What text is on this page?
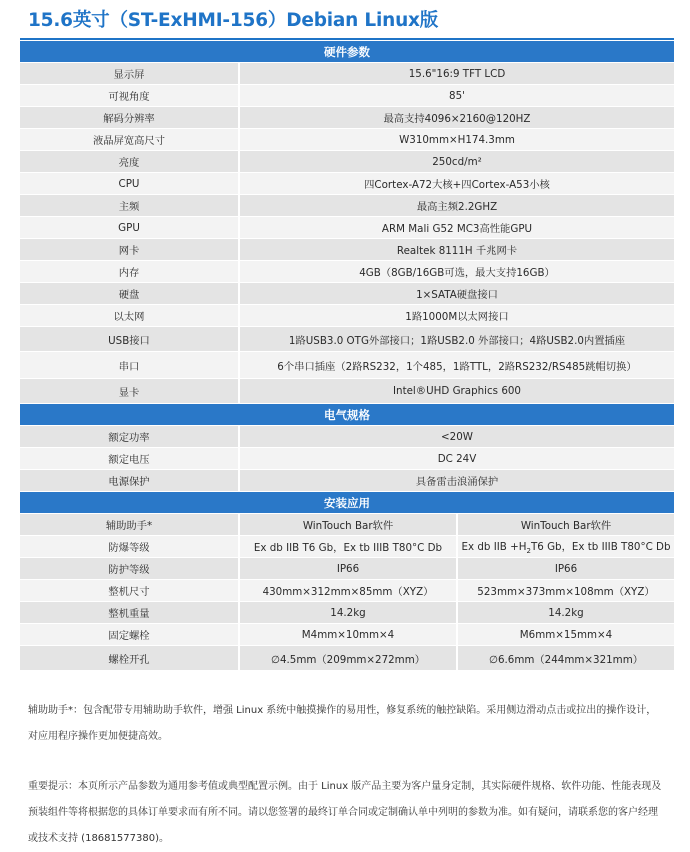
15.6英寸（ST-ExHMI-156）Debian Linux版
硬件参数		
显示屏	15.6"16:9 TFT LCD	
可视角度	85'	
解码分辨率	最高支持4096×2160@120HZ	
液晶屏宽高尺寸	W310mm×H174.3mm	
亮度	250cd/m²	
CPU	四Cortex-A72大核+四Cortex-A53小核	
主频	最高主频2.2GHZ	
GPU	ARM Mali G52 MC3高性能GPU	
网卡	Realtek 8111H 千兆网卡	
内存	4GB（8GB/16GB可选，最大支持16GB）	
硬盘	1×SATA硬盘接口	
以太网	1路1000M以太网接口	
USB接口	1路USB3.0 OTG外部接口；1路USB2.0 外部接口；4路USB2.0内置插座	
串口	6个串口插座（2路RS232，1个485，1路TTL，2路RS232/RS485跳帽切换）	
显卡	Intel®UHD Graphics 600	
电气规格		
额定功率	<20W	
额定电压	DC 24V	
电源保护	具备雷击浪涌保护	
安装应用		
辅助助手*	WinTouch Bar软件	WinTouch Bar软件
防爆等级	Ex db IIB T6 Gb，Ex tb IIIB T80°C Db	Ex db IIB $+H_2T6$ Gb，Ex tb IIIB T80°C Db
防护等级	IP66	IP66
整机尺寸	430mm×312mm×85mm（XYZ）	523mm×373mm×108mm（XYZ）
整机重量	14.2kg	14.2kg
固定螺栓	M4mm×10mm×4	M6mm×15mm×4
螺栓开孔	∅4.5mm（209mm×272mm）	∅6.6mm（244mm×321mm）
辅助助手*：包含配带专用辅助助手软件，增强 Linux 系统中触摸操作的易用性，修复系统的触控缺陷。采用侧边滑动点击或拉出的操作设计，对应用程序操作更加便捷高效。
重要提示：本页所示产品参数为通用参考值或典型配置示例。由于 Linux 版产品主要为客户量身定制，其实际硬件规格、软件功能、性能表现及预装组件等将根据您的具体订单要求而有所不同。请以您签署的最终订单合同或定制确认单中列明的参数为准。如有疑问，请联系您的客户经理或技术支持 (18681577380)。
